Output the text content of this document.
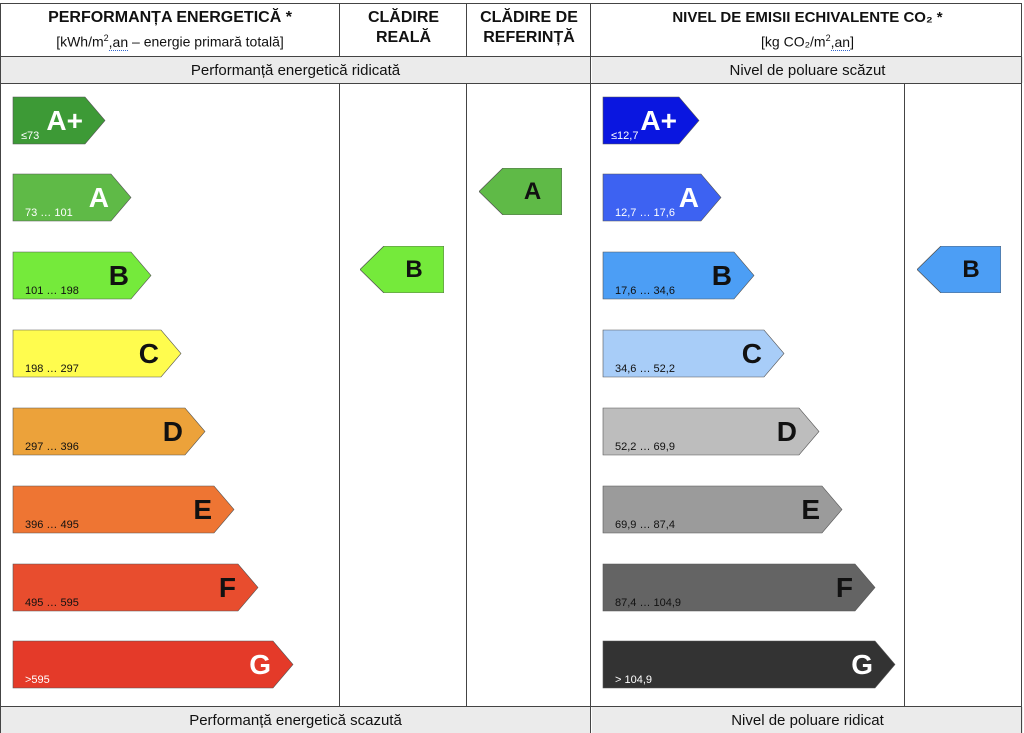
PERFORMANȚA ENERGETICĂ *
[$kWh/m^2,an$ – energie primară totală]
CLĂDIRE REALĂ
CLĂDIRE DE REFERINȚĂ
NIVEL DE EMISII ECHIVALENTE CO₂ *
[kg CO₂/$m^2,an$]
Performanță energetică ridicată	Nivel de poluare scăzut
Performanță energetică scazută	Nivel de poluare ridicat
A+
≤73
A
73 … 101
B
101 … 198
C
198 … 297
D
297 … 396
E
396 … 495
F
495 … 595
G
>595
A+
≤12,7
A
12,7 … 17,6
B
17,6 … 34,6
C
34,6 … 52,2
D
52,2 … 69,9
E
69,9 … 87,4
F
87,4 … 104,9
G
> 104,9
B
A
B
